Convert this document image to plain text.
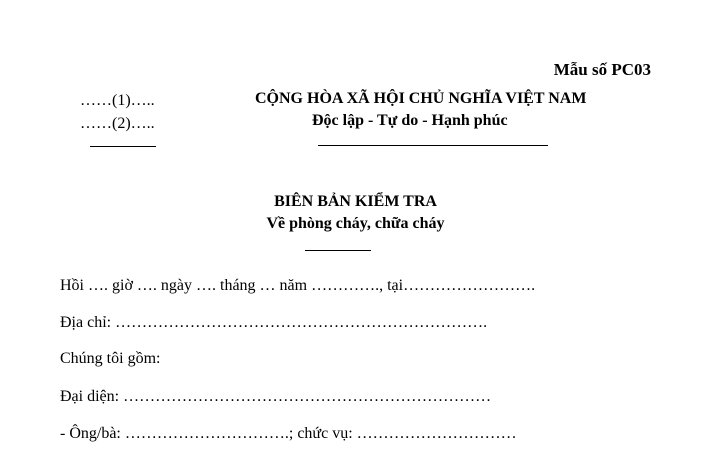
Mẫu số PC03
……(1)…..
……(2)…..
CỘNG HÒA XÃ HỘI CHỦ NGHĨA VIỆT NAM
Độc lập - Tự do - Hạnh phúc
BIÊN BẢN KIỂM TRA
Về phòng cháy, chữa cháy
Hồi …. giờ …. ngày …. tháng … năm …………., tại…………………….
Địa chỉ: …………………………………………………………….
Chúng tôi gồm:
Đại diện: ……………………………………………………………
- Ông/bà: ………………………….; chức vụ: …………………………
